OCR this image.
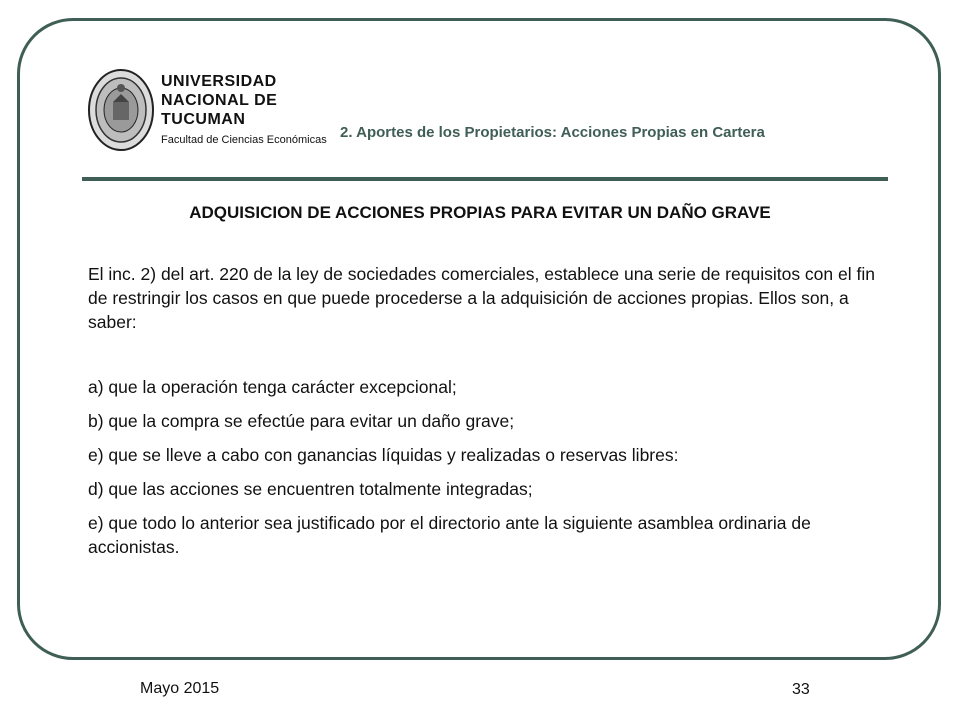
UNIVERSIDAD
NACIONAL DE
TUCUMAN
Facultad de Ciencias Económicas 2. Aportes de los Propietarios: Acciones Propias en Cartera
ADQUISICION DE ACCIONES PROPIAS PARA EVITAR UN DAÑO GRAVE

El inc. 2) del art. 220 de la ley de sociedades comerciales, establece una serie de requisitos con el fin de restringir los casos en que puede procederse a la adquisición de acciones propias. Ellos son, a saber:

a) que la operación tenga carácter excepcional;

b) que la compra se efectúe para evitar un daño grave;

e) que se lleve a cabo con ganancias líquidas y realizadas o reservas libres:

d) que las acciones se encuentren totalmente integradas;

e) que todo lo anterior sea justificado por el directorio ante la siguiente asamblea ordinaria de accionistas.

Mayo 2015	33
